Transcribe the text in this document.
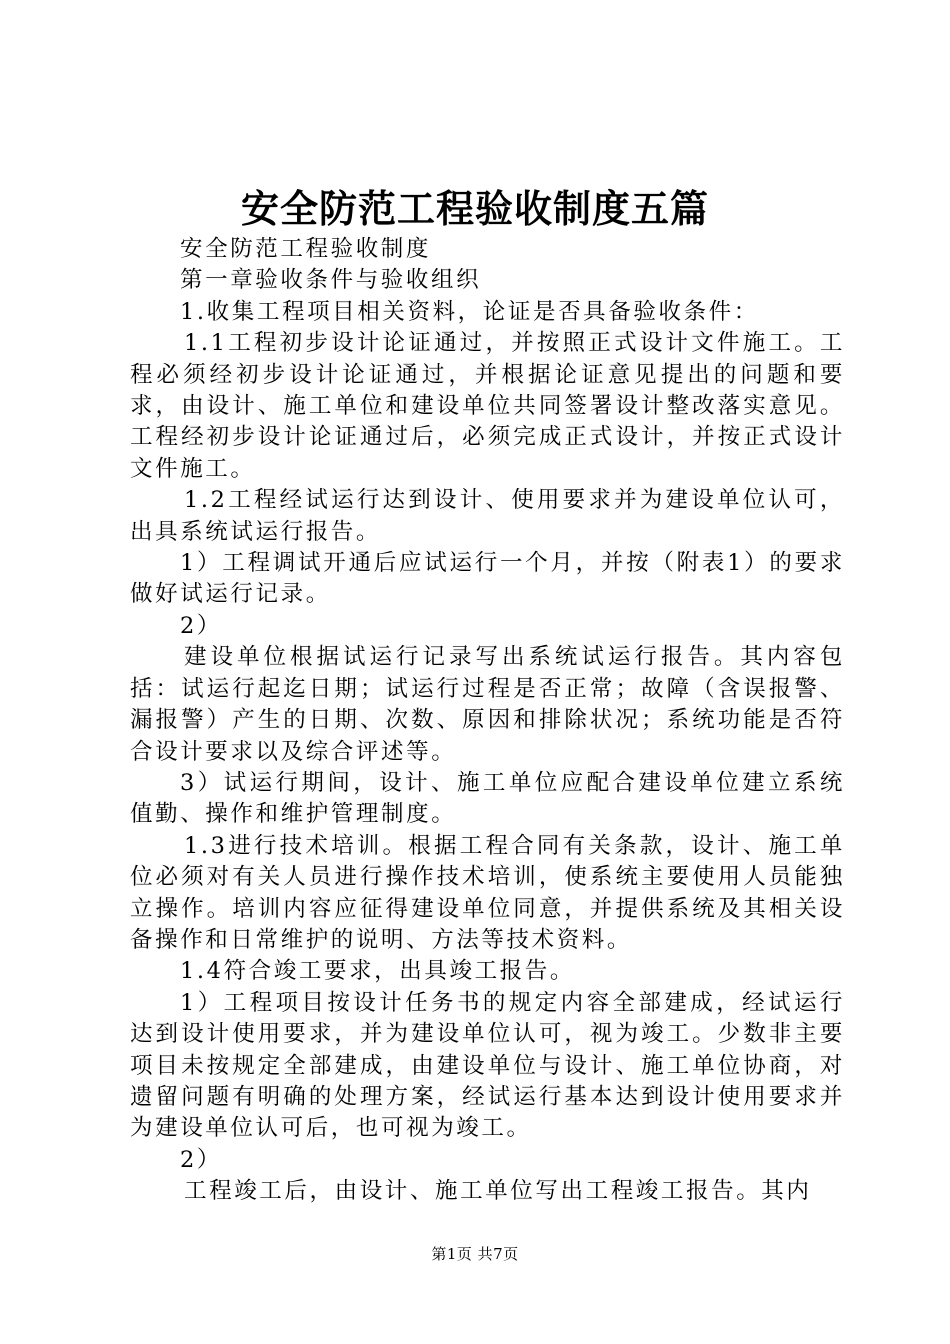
安全防范工程验收制度五篇

安全防范工程验收制度

第一章验收条件与验收组织

1.收集工程项目相关资料，论证是否具备验收条件：

1.1工程初步设计论证通过，并按照正式设计文件施工。工程必须经初步设计论证通过，并根据论证意见提出的问题和要求，由设计、施工单位和建设单位共同签署设计整改落实意见。工程经初步设计论证通过后，必须完成正式设计，并按正式设计文件施工。

1.2工程经试运行达到设计、使用要求并为建设单位认可，出具系统试运行报告。

1）工程调试开通后应试运行一个月，并按（附表1）的要求做好试运行记录。

2）

建设单位根据试运行记录写出系统试运行报告。其内容包括：试运行起迄日期；试运行过程是否正常；故障（含误报警、漏报警）产生的日期、次数、原因和排除状况；系统功能是否符合设计要求以及综合评述等。

3）试运行期间，设计、施工单位应配合建设单位建立系统值勤、操作和维护管理制度。

1.3进行技术培训。根据工程合同有关条款，设计、施工单位必须对有关人员进行操作技术培训，使系统主要使用人员能独立操作。培训内容应征得建设单位同意，并提供系统及其相关设备操作和日常维护的说明、方法等技术资料。

1.4符合竣工要求，出具竣工报告。

1）工程项目按设计任务书的规定内容全部建成，经试运行达到设计使用要求，并为建设单位认可，视为竣工。少数非主要项目未按规定全部建成，由建设单位与设计、施工单位协商，对遗留问题有明确的处理方案，经试运行基本达到设计使用要求并为建设单位认可后，也可视为竣工。

2）

工程竣工后，由设计、施工单位写出工程竣工报告。其内

第1页 共7页
